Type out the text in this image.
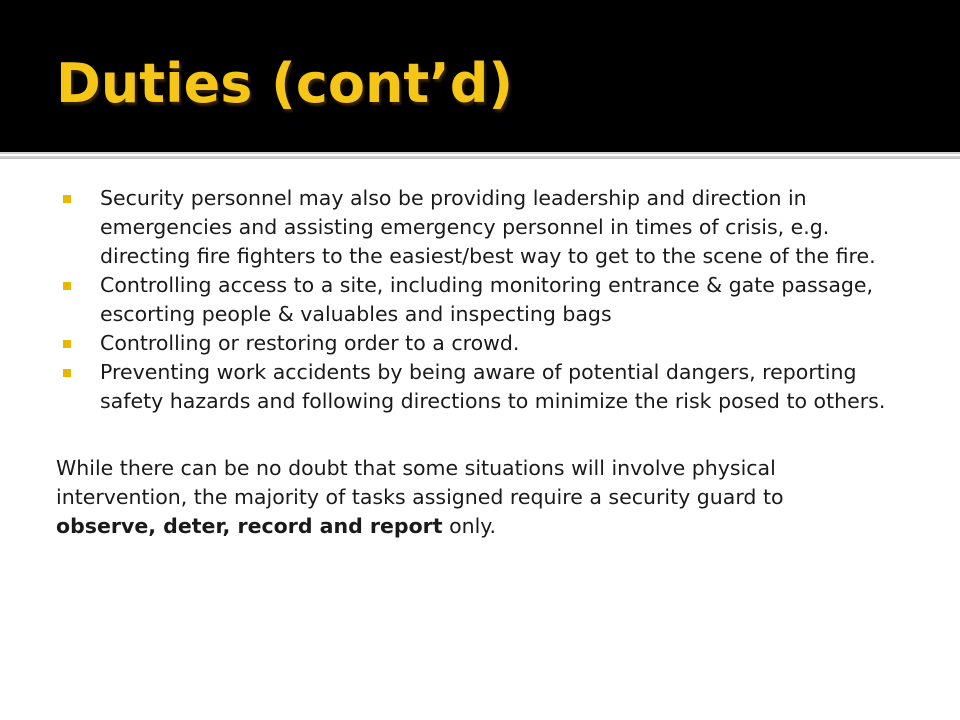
Duties (cont’d)
Security personnel may also be providing leadership and direction in emergencies and assisting emergency personnel in times of crisis, e.g. directing fire fighters to the easiest/best way to get to the scene of the fire.
Controlling access to a site, including monitoring entrance & gate passage, escorting people & valuables and inspecting bags
Controlling or restoring order to a crowd.
Preventing work accidents by being aware of potential dangers, reporting safety hazards and following directions to minimize the risk posed to others.

While there can be no doubt that some situations will involve physical intervention, the majority of tasks assigned require a security guard to observe, deter, record and report only.
